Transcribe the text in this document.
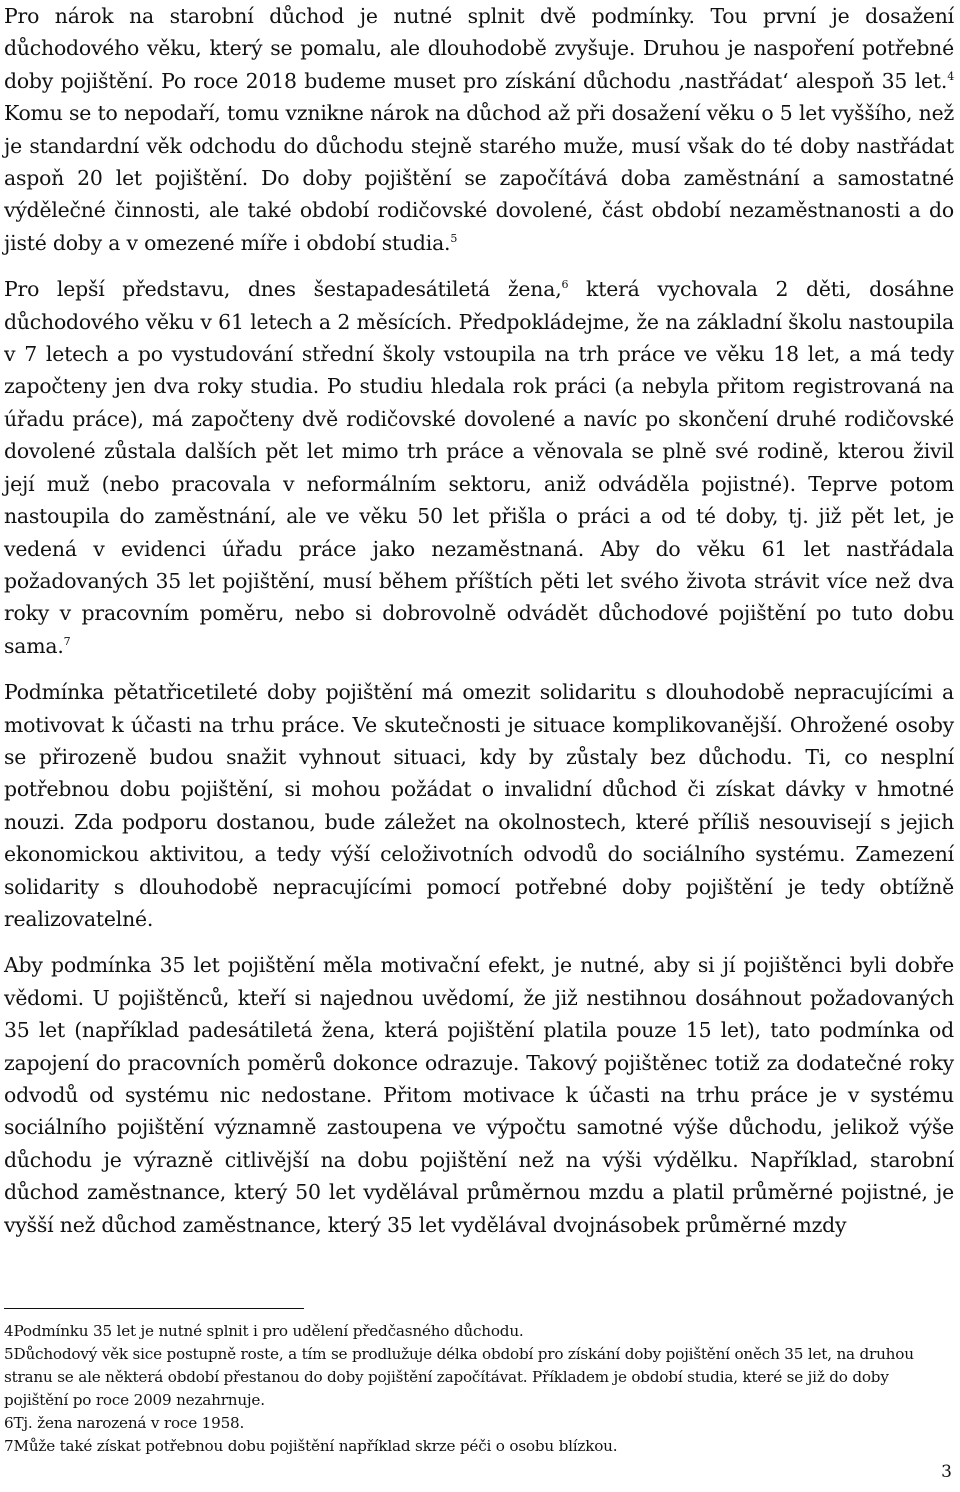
Pro nárok na starobní důchod je nutné splnit dvě podmínky. Tou první je dosažení důchodového věku, který se pomalu, ale dlouhodobě zvyšuje. Druhou je naspoření potřebné doby pojištění. Po roce 2018 budeme muset pro získání důchodu ‚nastřádat‘ alespoň 35 let.$^4$ Komu se to nepodaří, tomu vznikne nárok na důchod až při dosažení věku o 5 let vyššího, než je standardní věk odchodu do důchodu stejně starého muže, musí však do té doby nastřádat aspoň 20 let pojištění. Do doby pojištění se započítává doba zaměstnání a samostatné výdělečné činnosti, ale také období rodičovské dovolené, část období nezaměstnanosti a do jisté doby a v omezené míře i období studia.$^5$

Pro lepší představu, dnes šestapadesátiletá žena,$^6$ která vychovala 2 děti, dosáhne důchodového věku v 61 letech a 2 měsících. Předpokládejme, že na základní školu nastoupila v 7 letech a po vystudování střední školy vstoupila na trh práce ve věku 18 let, a má tedy započteny jen dva roky studia. Po studiu hledala rok práci (a nebyla přitom registrovaná na úřadu práce), má započteny dvě rodičovské dovolené a navíc po skončení druhé rodičovské dovolené zůstala dalších pět let mimo trh práce a věnovala se plně své rodině, kterou živil její muž (nebo pracovala v neformálním sektoru, aniž odváděla pojistné). Teprve potom nastoupila do zaměstnání, ale ve věku 50 let přišla o práci a od té doby, tj. již pět let, je vedená v evidenci úřadu práce jako nezaměstnaná. Aby do věku 61 let nastřádala požadovaných 35 let pojištění, musí během příštích pěti let svého života strávit více než dva roky v pracovním poměru, nebo si dobrovolně odvádět důchodové pojištění po tuto dobu sama.$^7$

Podmínka pětatřicetileté doby pojištění má omezit solidaritu s dlouhodobě nepracujícími a motivovat k účasti na trhu práce. Ve skutečnosti je situace komplikovanější. Ohrožené osoby se přirozeně budou snažit vyhnout situaci, kdy by zůstaly bez důchodu. Ti, co nesplní potřebnou dobu pojištění, si mohou požádat o invalidní důchod či získat dávky v hmotné nouzi. Zda podporu dostanou, bude záležet na okolnostech, které příliš nesouvisejí s jejich ekonomickou aktivitou, a tedy výší celoživotních odvodů do sociálního systému. Zamezení solidarity s dlouhodobě nepracujícími pomocí potřebné doby pojištění je tedy obtížně realizovatelné.

Aby podmínka 35 let pojištění měla motivační efekt, je nutné, aby si jí pojištěnci byli dobře vědomi. U pojištěnců, kteří si najednou uvědomí, že již nestihnou dosáhnout požadovaných 35 let (například padesátiletá žena, která pojištění platila pouze 15 let), tato podmínka od zapojení do pracovních poměrů dokonce odrazuje. Takový pojištěnec totiž za dodatečné roky odvodů od systému nic nedostane. Přitom motivace k účasti na trhu práce je v systému sociálního pojištění významně zastoupena ve výpočtu samotné výše důchodu, jelikož výše důchodu je výrazně citlivější na dobu pojištění než na výši výdělku. Například, starobní důchod zaměstnance, který 50 let vydělával průměrnou mzdu a platil průměrné pojistné, je vyšší než důchod zaměstnance, který 35 let vydělával dvojnásobek průměrné mzdy

4Podmínku 35 let je nutné splnit i pro udělení předčasného důchodu.

5Důchodový věk sice postupně roste, a tím se prodlužuje délka období pro získání doby pojištění oněch 35 let, na druhou stranu se ale některá období přestanou do doby pojištění započítávat. Příkladem je období studia, které se již do doby pojištění po roce 2009 nezahrnuje.

6Tj. žena narozená v roce 1958.

7Může také získat potřebnou dobu pojištění například skrze péči o osobu blízkou.

3
